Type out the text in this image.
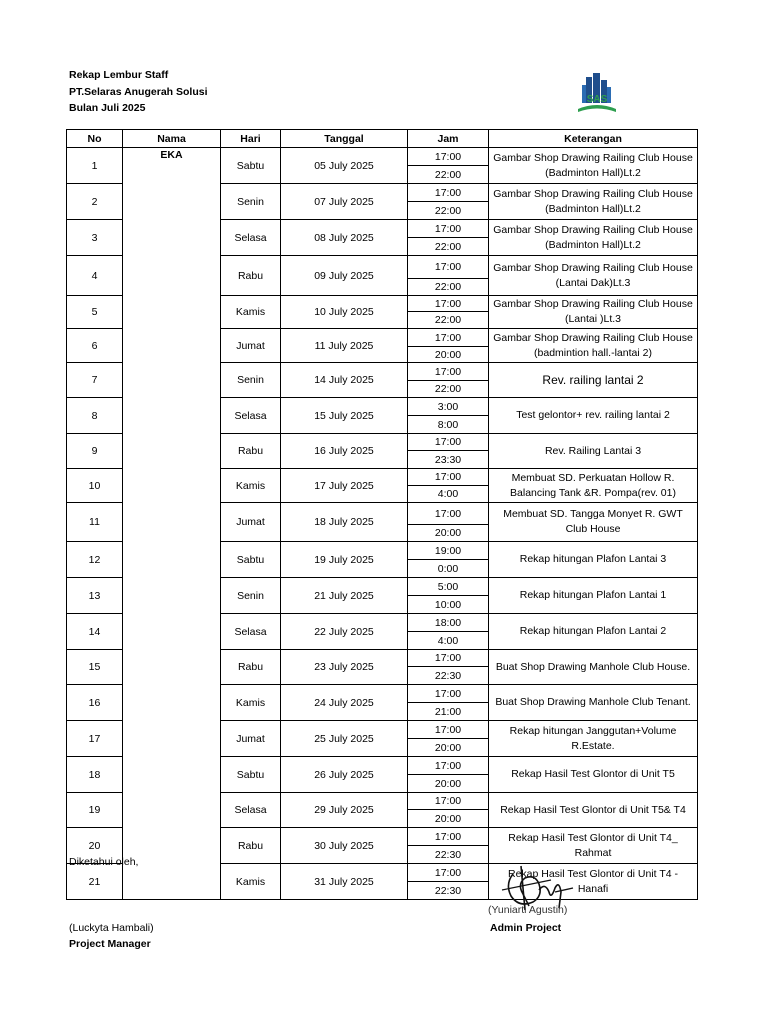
Rekap Lembur Staff
PT.Selaras Anugerah Solusi
Bulan Juli 2025
SAS
No	Nama	Hari	Tanggal	Jam	Keterangan
1	EKA	Sabtu	05 July 2025	17:00	Gambar Shop Drawing Railing Club House (Badminton Hall)Lt.2
				22:00	
2		Senin	07 July 2025	17:00	Gambar Shop Drawing Railing Club House (Badminton Hall)Lt.2
				22:00	
3		Selasa	08 July 2025	17:00	Gambar Shop Drawing Railing Club House (Badminton Hall)Lt.2
				22:00	
4		Rabu	09 July 2025	17:00	Gambar Shop Drawing Railing Club House (Lantai Dak)Lt.3
				22:00	
5		Kamis	10 July 2025	17:00	Gambar Shop Drawing Railing Club House (Lantai )Lt.3
				22:00	
6		Jumat	11 July 2025	17:00	Gambar Shop Drawing Railing Club House (badmintion hall.-lantai 2)
				20:00	
7		Senin	14 July 2025	17:00	Rev. railing lantai 2
				22:00	
8		Selasa	15 July 2025	3:00	Test gelontor+ rev. railing lantai 2
				8:00	
9		Rabu	16 July 2025	17:00	Rev. Railing Lantai 3
				23:30	
10		Kamis	17 July 2025	17:00	Membuat SD. Perkuatan Hollow R. Balancing Tank &R. Pompa(rev. 01)
				4:00	
11		Jumat	18 July 2025	17:00	Membuat SD. Tangga Monyet R. GWT Club House
				20:00	
12		Sabtu	19 July 2025	19:00	Rekap hitungan Plafon Lantai 3
				0:00	
13		Senin	21 July 2025	5:00	Rekap hitungan Plafon Lantai 1
				10:00	
14		Selasa	22 July 2025	18:00	Rekap hitungan Plafon Lantai 2
				4:00	
15		Rabu	23 July 2025	17:00	Buat Shop Drawing Manhole Club House.
				22:30	
16		Kamis	24 July 2025	17:00	Buat Shop Drawing Manhole Club Tenant.
				21:00	
17		Jumat	25 July 2025	17:00	Rekap hitungan Janggutan+Volume R.Estate.
				20:00	
18		Sabtu	26 July 2025	17:00	Rekap Hasil Test Glontor di Unit T5
				20:00	
19		Selasa	29 July 2025	17:00	Rekap Hasil Test Glontor di Unit T5& T4
				20:00	
20		Rabu	30 July 2025	17:00	Rekap Hasil Test Glontor di Unit T4_ Rahmat
				22:30	
21		Kamis	31 July 2025	17:00	Rekap Hasil Test Glontor di Unit T4 - Hanafi
				22:30	
Diketahui oleh,
(Yuniarti Agustin)
(Luckyta Hambali)
Project Manager
Admin Project
